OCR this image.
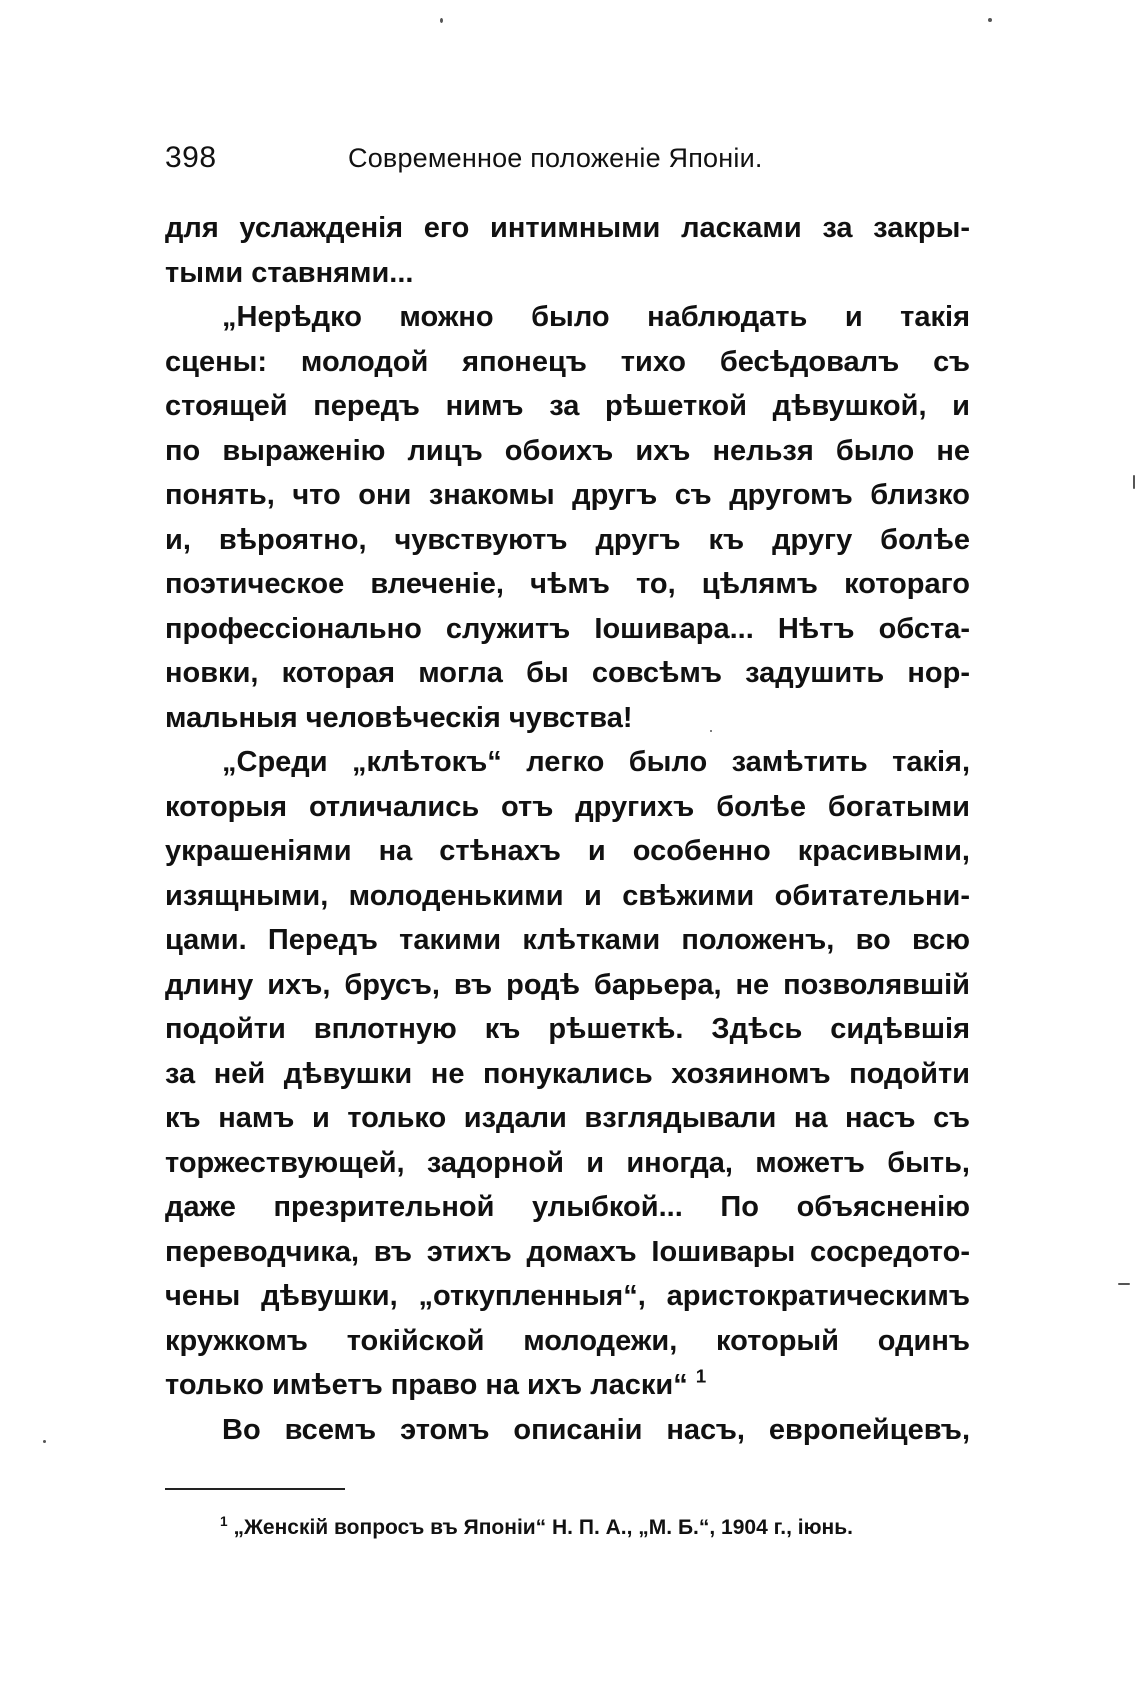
398	Современное положенiе Японiи.
для услажденiя его интимными ласками за закры-
тыми ставнями...
„Нерѣдко можно было наблюдать и такiя
сцены: молодой японецъ тихо бесѣдовалъ съ
стоящей передъ нимъ за рѣшеткой дѣвушкой, и
по выраженiю лицъ обоихъ ихъ нельзя было не
понять, что они знакомы другъ съ другомъ близко
и, вѣроятно, чувствуютъ другъ къ другу болѣе
поэтическое влеченiе, чѣмъ то, цѣлямъ котораго
профессiонально служитъ Iошивара... Нѣтъ обста-
новки, которая могла бы совсѣмъ задушить нор-
мальныя человѣческiя чувства!
„Среди „клѣтокъ“ легко было замѣтить такiя,
которыя отличались отъ другихъ болѣе богатыми
украшенiями на стѣнахъ и особенно красивыми,
изящными, молоденькими и свѣжими обитательни-
цами. Передъ такими клѣтками положенъ, во всю
длину ихъ, брусъ, въ родѣ барьера, не позволявшiй
подойти вплотную къ рѣшеткѣ. Здѣсь сидѣвшiя
за ней дѣвушки не понукались хозяиномъ подойти
къ намъ и только издали взглядывали на насъ съ
торжествующей, задорной и иногда, можетъ быть,
даже презрительной улыбкой... По объясненiю
переводчика, въ этихъ домахъ Iошивары сосредото-
чены дѣвушки, „откупленныя“, аристократическимъ
кружкомъ токiйской молодежи, который одинъ
только имѣетъ право на ихъ ласки“ $^1$
Во всемъ этомъ описанiи насъ, европейцевъ,
$^1$ „Женскiй вопросъ въ Японiи“ Н. П. А., „М. Б.“, 1904 г., iюнь.
